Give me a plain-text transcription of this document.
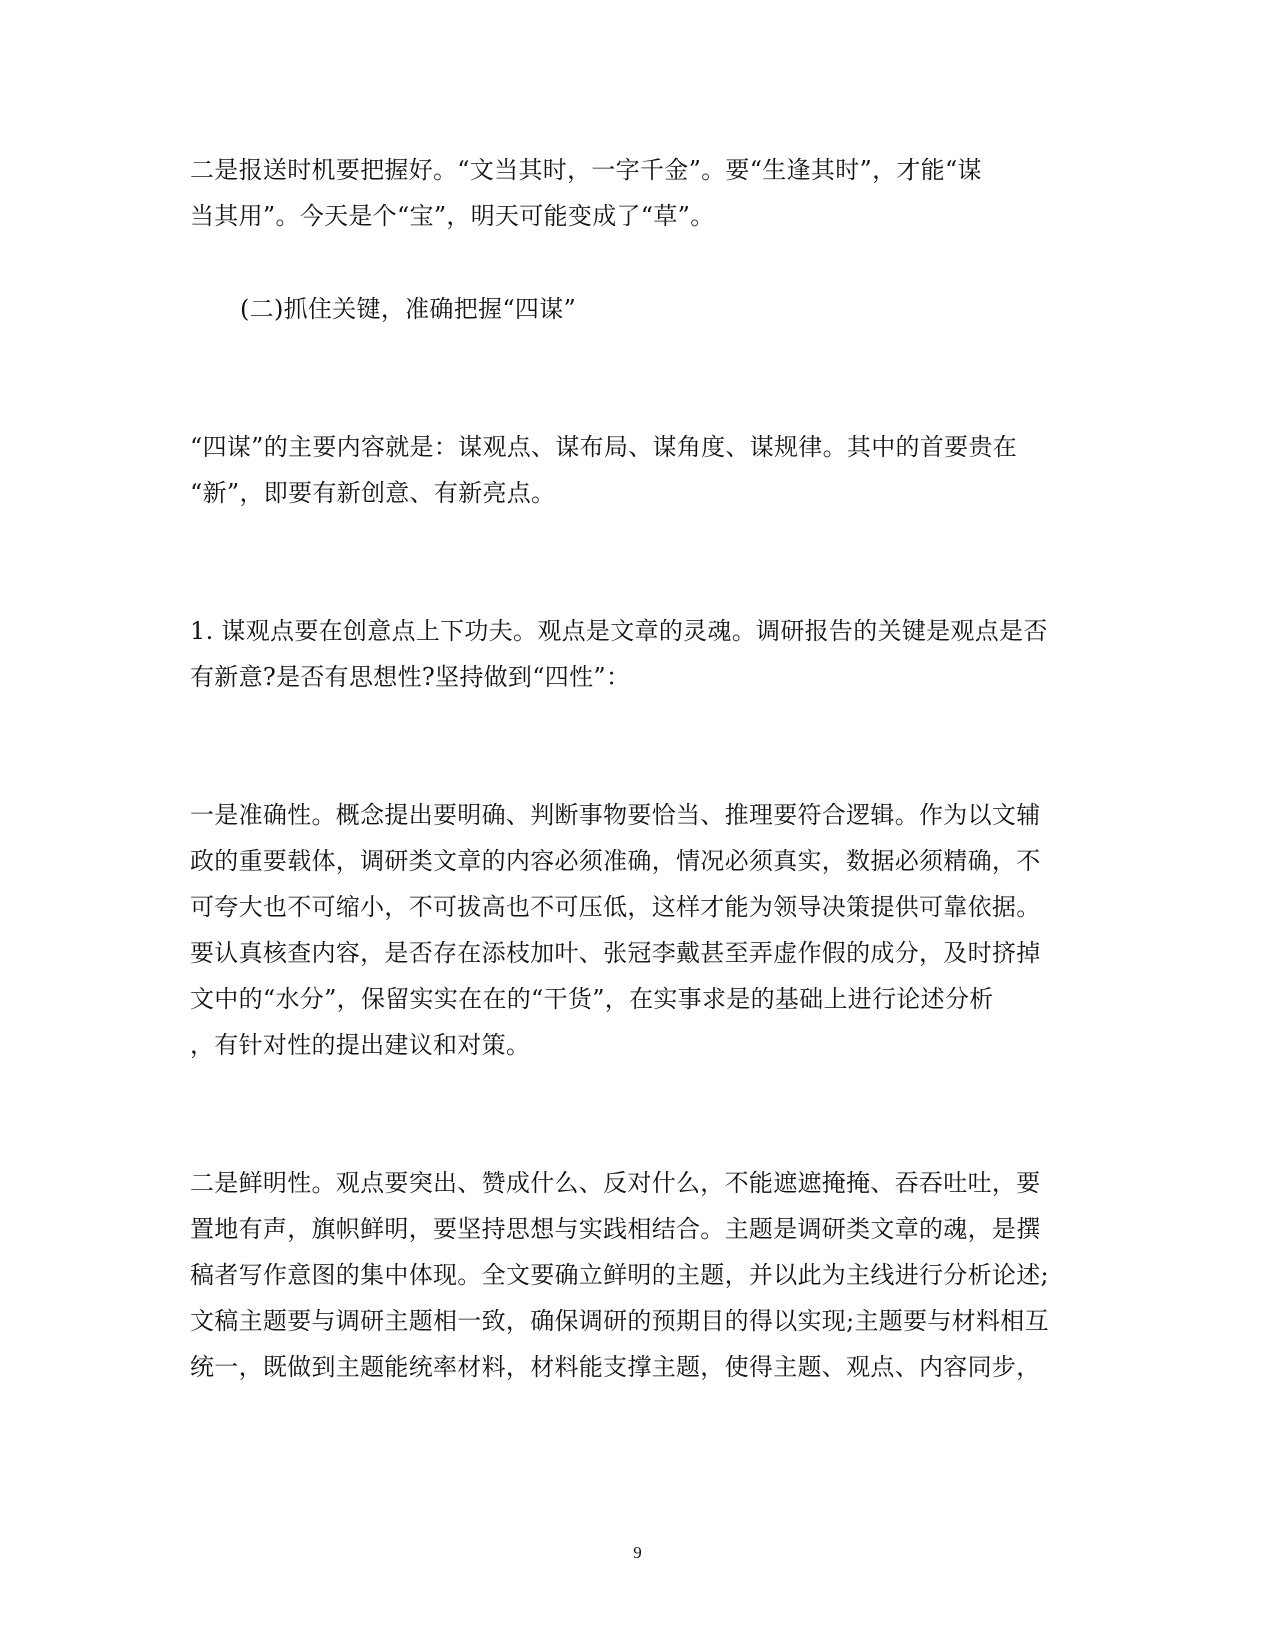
二是报送时机要把握好。“文当其时，一字千金”。要“生逢其时”，才能“谋
当其用”。今天是个“宝”，明天可能变成了“草”。
(二)抓住关键，准确把握“四谋”
“四谋”的主要内容就是：谋观点、谋布局、谋角度、谋规律。其中的首要贵在
“新”，即要有新创意、有新亮点。
1. 谋观点要在创意点上下功夫。观点是文章的灵魂。调研报告的关键是观点是否
有新意?是否有思想性?坚持做到“四性”：
一是准确性。概念提出要明确、判断事物要恰当、推理要符合逻辑。作为以文辅
政的重要载体，调研类文章的内容必须准确，情况必须真实，数据必须精确，不
可夸大也不可缩小，不可拔高也不可压低，这样才能为领导决策提供可靠依据。
要认真核查内容，是否存在添枝加叶、张冠李戴甚至弄虚作假的成分，及时挤掉
文中的“水分”，保留实实在在的“干货”，在实事求是的基础上进行论述分析
，有针对性的提出建议和对策。
二是鲜明性。观点要突出、赞成什么、反对什么，不能遮遮掩掩、吞吞吐吐，要
置地有声，旗帜鲜明，要坚持思想与实践相结合。主题是调研类文章的魂，是撰
稿者写作意图的集中体现。全文要确立鲜明的主题，并以此为主线进行分析论述;
文稿主题要与调研主题相一致，确保调研的预期目的得以实现;主题要与材料相互
统一，既做到主题能统率材料，材料能支撑主题，使得主题、观点、内容同步，
9
